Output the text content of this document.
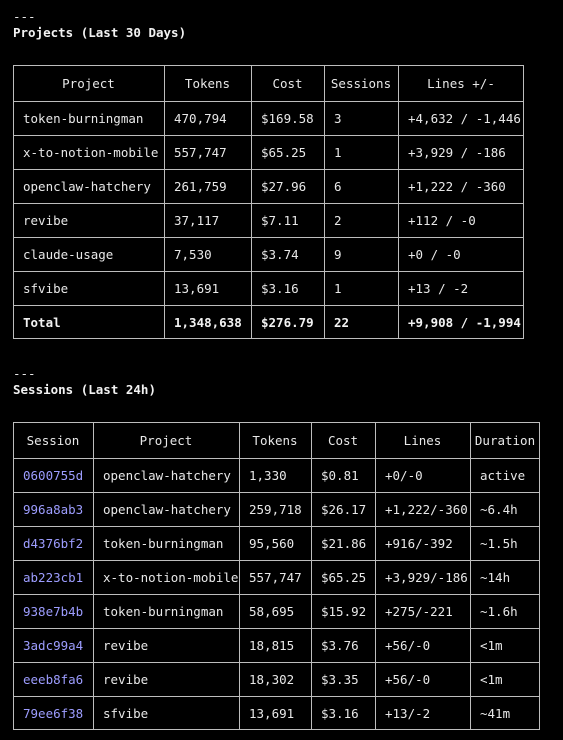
---
Projects (Last 30 Days)
Project	Tokens	Cost	Sessions	Lines +/-
token-burningman 470,794	$169.58 3	+4,632 / -1,446
x-to-notion-mobile 557,747	$65.25 1	+3,929 / -186
openclaw-hatchery 261,759	$27.96 6	+1,222 / -360
revibe	37,117	$7.11	2	+112 / -0
claude-usage	7,530	$3.74	9	+0 / -0
sfvibe	13,691	$3.16	1	+13 / -2
Total	1,348,638 $276.79 22	+9,908 / -1,994
---
Sessions (Last 24h)
Session	Project	Tokens	Cost	Lines	Duration
0600755d openclaw-hatchery 1,330	$0.81 +0/-0	active
996a8ab3 openclaw-hatchery 259,718 $26.17 +1,222/-360 ~6.4h
d4376bf2 token-burningman 95,560 $21.86 +916/-392 ~1.5h
ab223cb1 x-to-notion-mobile 557,747 $65.25 +3,929/-186 ~14h
938e7b4b token-burningman 58,695 $15.92 +275/-221 ~1.6h
3adc99a4 revibe	18,815 $3.76 +56/-0	<1m
eeeb8fa6 revibe	18,302 $3.35 +56/-0	<1m
79ee6f38 sfvibe	13,691 $3.16 +13/-2	~41m
